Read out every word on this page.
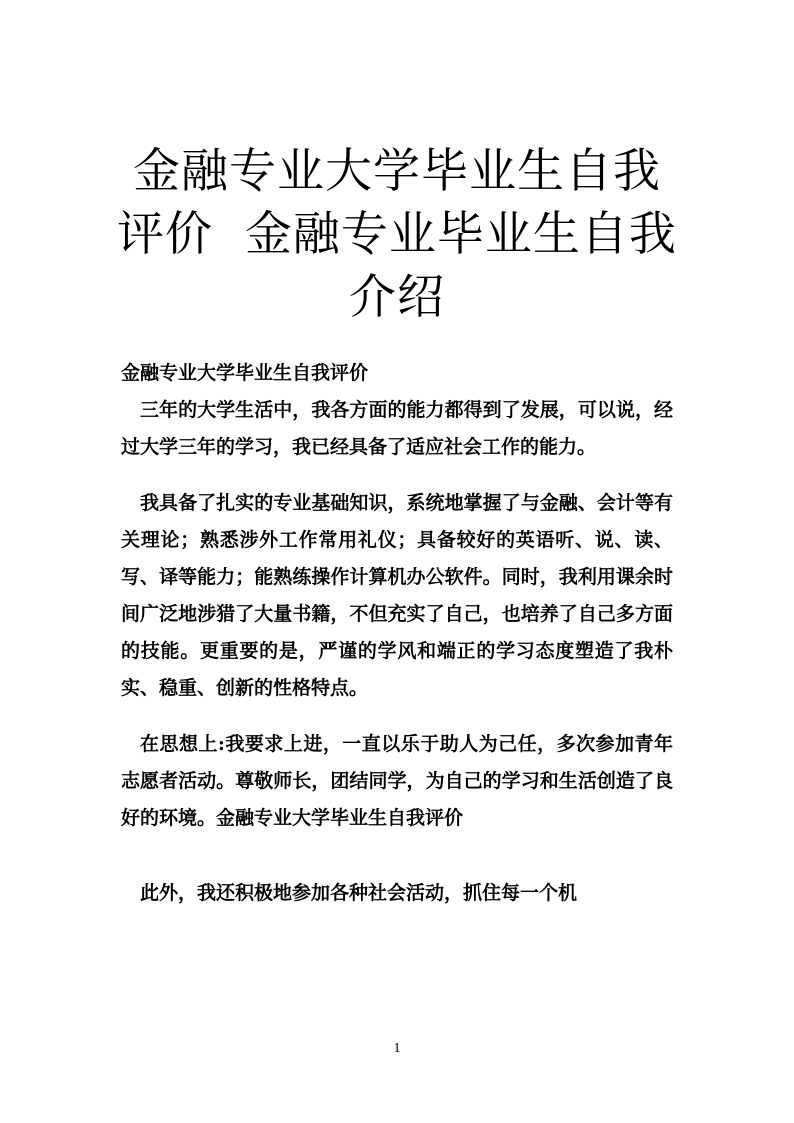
金融专业大学毕业生自我
评价  金融专业毕业生自我
介绍

金融专业大学毕业生自我评价

三年的大学生活中，我各方面的能力都得到了发展，可以说，经过大学三年的学习，我已经具备了适应社会工作的能力。

我具备了扎实的专业基础知识，系统地掌握了与金融、会计等有关理论；熟悉涉外工作常用礼仪；具备较好的英语听、说、读、写、译等能力；能熟练操作计算机办公软件。同时，我利用课余时间广泛地涉猎了大量书籍，不但充实了自己，也培养了自己多方面的技能。更重要的是，严谨的学风和端正的学习态度塑造了我朴实、稳重、创新的性格特点。

在思想上:我要求上进，一直以乐于助人为己任，多次参加青年志愿者活动。尊敬师长，团结同学，为自己的学习和生活创造了良好的环境。金融专业大学毕业生自我评价

此外，我还积极地参加各种社会活动，抓住每一个机

1
